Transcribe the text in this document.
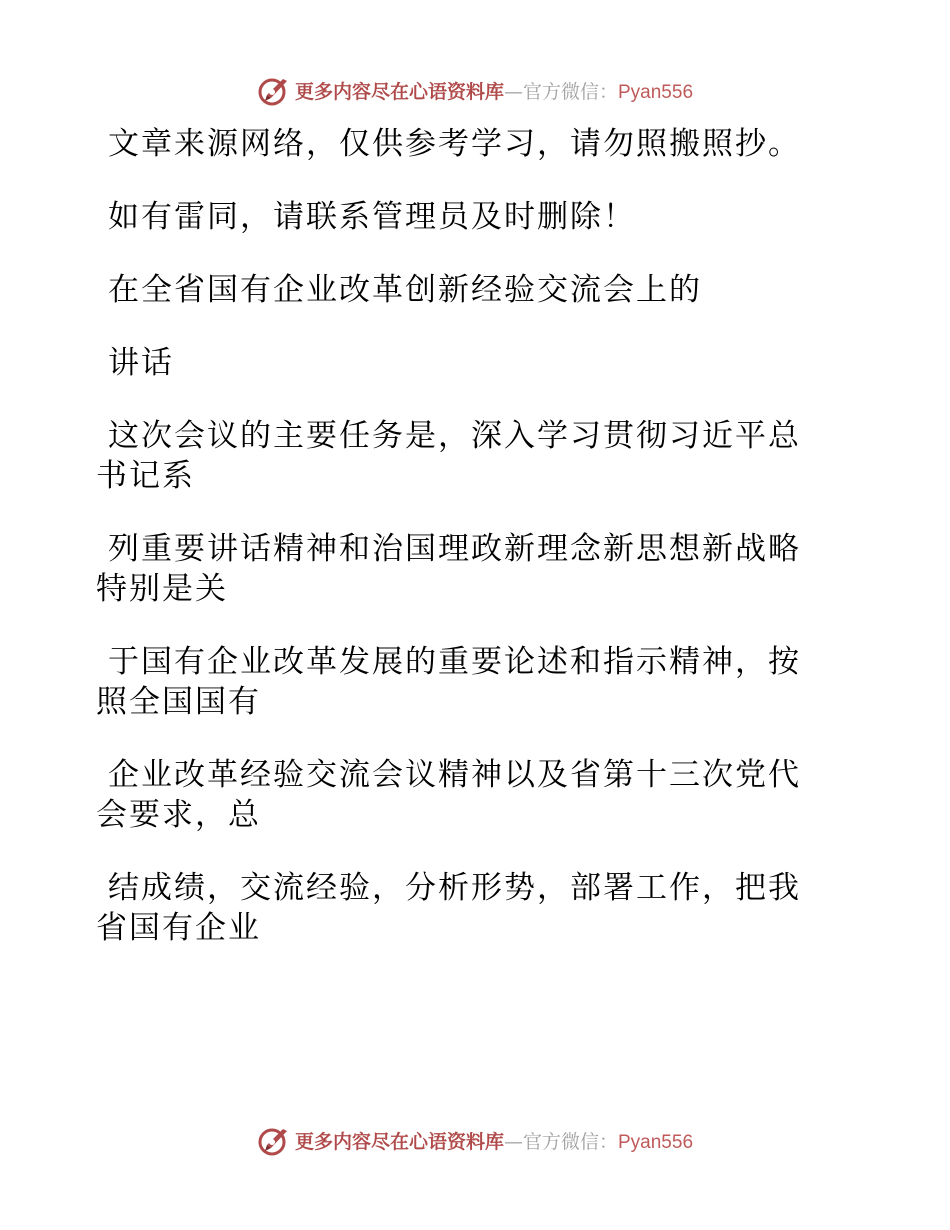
更多内容尽在心语资料库—官方微信：Pyan556

文章来源网络，仅供参考学习，请勿照搬照抄。

如有雷同，请联系管理员及时删除！

在全省国有企业改革创新经验交流会上的

讲话

这次会议的主要任务是，深入学习贯彻习近平总

书记系

列重要讲话精神和治国理政新理念新思想新战略

特别是关

于国有企业改革发展的重要论述和指示精神，按

照全国国有

企业改革经验交流会议精神以及省第十三次党代

会要求，总

结成绩，交流经验，分析形势，部署工作，把我

省国有企业

更多内容尽在心语资料库—官方微信：Pyan556
